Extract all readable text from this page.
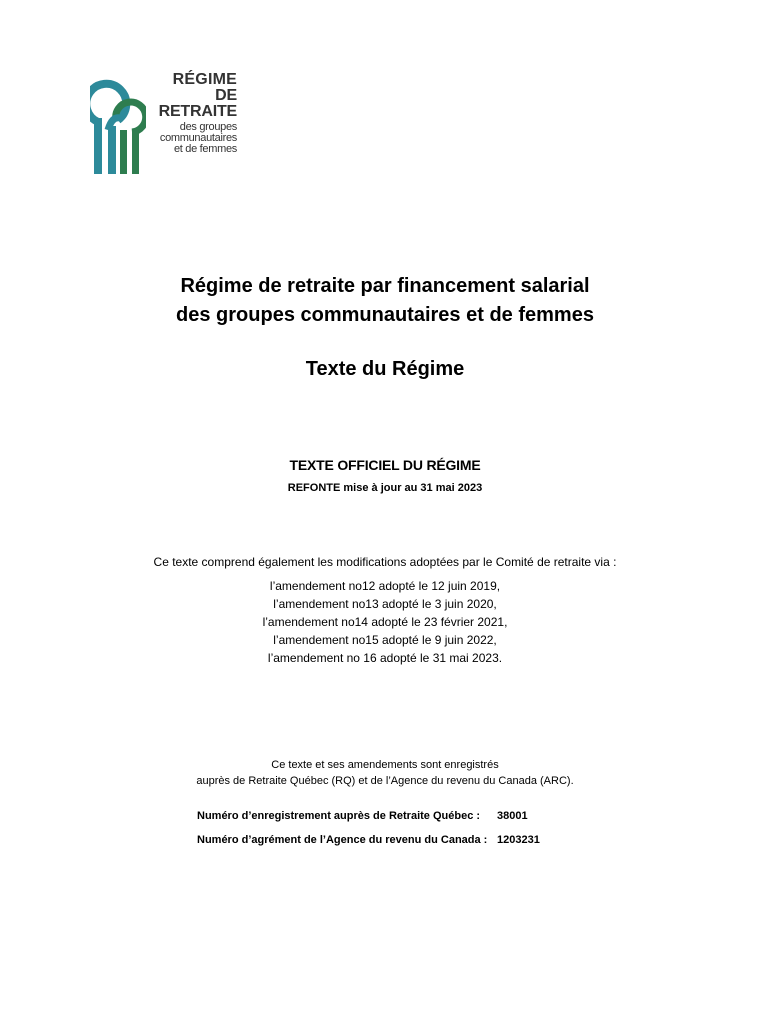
RÉGIME
DE RETRAITE
des groupes
communautaires
et de femmes
Régime de retraite par financement salarial
des groupes communautaires et de femmes
Texte du Régime
TEXTE OFFICIEL DU RÉGIME
REFONTE mise à jour au 31 mai 2023
Ce texte comprend également les modifications adoptées par le Comité de retraite via :
l’amendement no12 adopté le 12 juin 2019,
l’amendement no13 adopté le 3 juin 2020,
l’amendement no14 adopté le 23 février 2021,
l’amendement no15 adopté le 9 juin 2022,
l’amendement no 16 adopté le 31 mai 2023.
Ce texte et ses amendements sont enregistrés
auprès de Retraite Québec (RQ) et de l’Agence du revenu du Canada (ARC).
Numéro d’enregistrement auprès de Retraite Québec :	38001
Numéro d’agrément de l’Agence du revenu du Canada : 1203231
